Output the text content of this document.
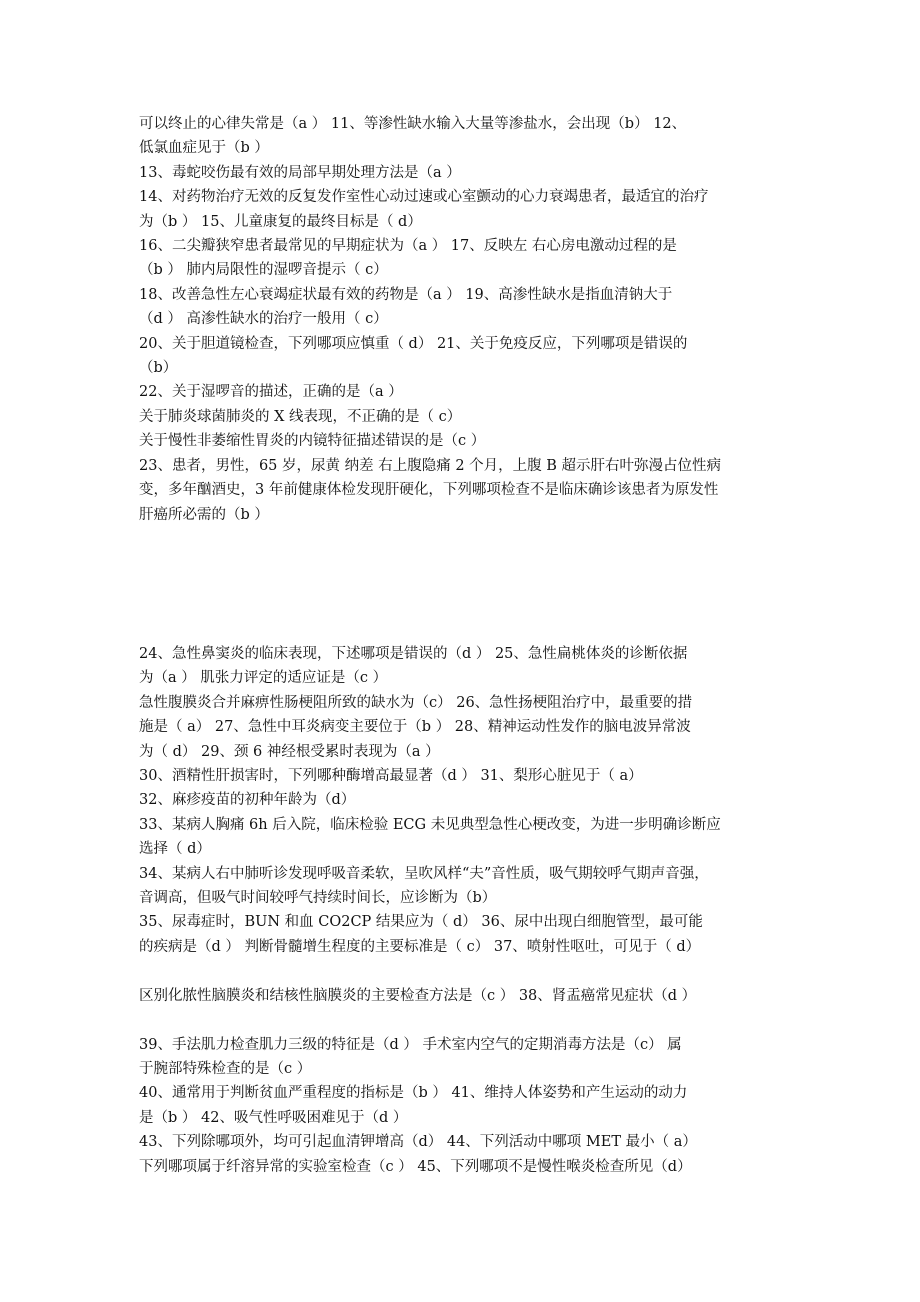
可以终止的心律失常是（a ） 11、等渗性缺水输入大量等渗盐水，会出现（b） 12、

低氯血症见于（b ）

13、毒蛇咬伤最有效的局部早期处理方法是（a ）

14、对药物治疗无效的反复发作室性心动过速或心室颤动的心力衰竭患者，最适宜的治疗

为（b ） 15、儿童康复的最终目标是（ d）

16、二尖瓣狭窄患者最常见的早期症状为（a ） 17、反映左 右心房电激动过程的是

（b ） 肺内局限性的湿啰音提示（ c）

18、改善急性左心衰竭症状最有效的药物是（a ） 19、高渗性缺水是指血清钠大于

（d ） 高渗性缺水的治疗一般用（ c）

20、关于胆道镜检查，下列哪项应慎重（ d） 21、关于免疫反应，下列哪项是错误的

（b）

22、关于湿啰音的描述，正确的是（a ）

关于肺炎球菌肺炎的 X 线表现，不正确的是（ c）

关于慢性非萎缩性胃炎的内镜特征描述错误的是（c ）

23、患者，男性，65 岁，尿黄 纳差 右上腹隐痛 2 个月，上腹 B 超示肝右叶弥漫占位性病

变，多年酗酒史，3 年前健康体检发现肝硬化，下列哪项检查不是临床确诊该患者为原发性

肝癌所必需的（b ）

24、急性鼻窦炎的临床表现，下述哪项是错误的（d ） 25、急性扁桃体炎的诊断依据

为（a ） 肌张力评定的适应证是（c ）

急性腹膜炎合并麻痹性肠梗阻所致的缺水为（c） 26、急性扬梗阻治疗中，最重要的措

施是（ a） 27、急性中耳炎病变主要位于（b ） 28、精神运动性发作的脑电波异常波

为（ d） 29、颈 6 神经根受累时表现为（a ）

30、酒精性肝损害时，下列哪种酶增高最显著（d ） 31、梨形心脏见于（ a）

32、麻疹疫苗的初种年龄为（d）

33、某病人胸痛 6h 后入院，临床检验 ECG 未见典型急性心梗改变，为进一步明确诊断应

选择（ d）

34、某病人右中肺听诊发现呼吸音柔软，呈吹风样“夫”音性质，吸气期较呼气期声音强，

音调高，但吸气时间较呼气持续时间长，应诊断为（b）

35、尿毒症时，BUN 和血 CO2CP 结果应为（ d） 36、尿中出现白细胞管型，最可能

的疾病是（d ） 判断骨髓增生程度的主要标准是（ c） 37、喷射性呕吐，可见于（ d）

区别化脓性脑膜炎和结核性脑膜炎的主要检查方法是（c ） 38、肾盂癌常见症状（d ）

39、手法肌力检查肌力三级的特征是（d ） 手术室内空气的定期消毒方法是（c） 属

于腕部特殊检查的是（c ）

40、通常用于判断贫血严重程度的指标是（b ） 41、维持人体姿势和产生运动的动力

是（b ） 42、吸气性呼吸困难见于（d ）

43、下列除哪项外，均可引起血清钾增高（d） 44、下列活动中哪项 MET 最小（ a）

下列哪项属于纤溶异常的实验室检查（c ） 45、下列哪项不是慢性喉炎检查所见（d）
